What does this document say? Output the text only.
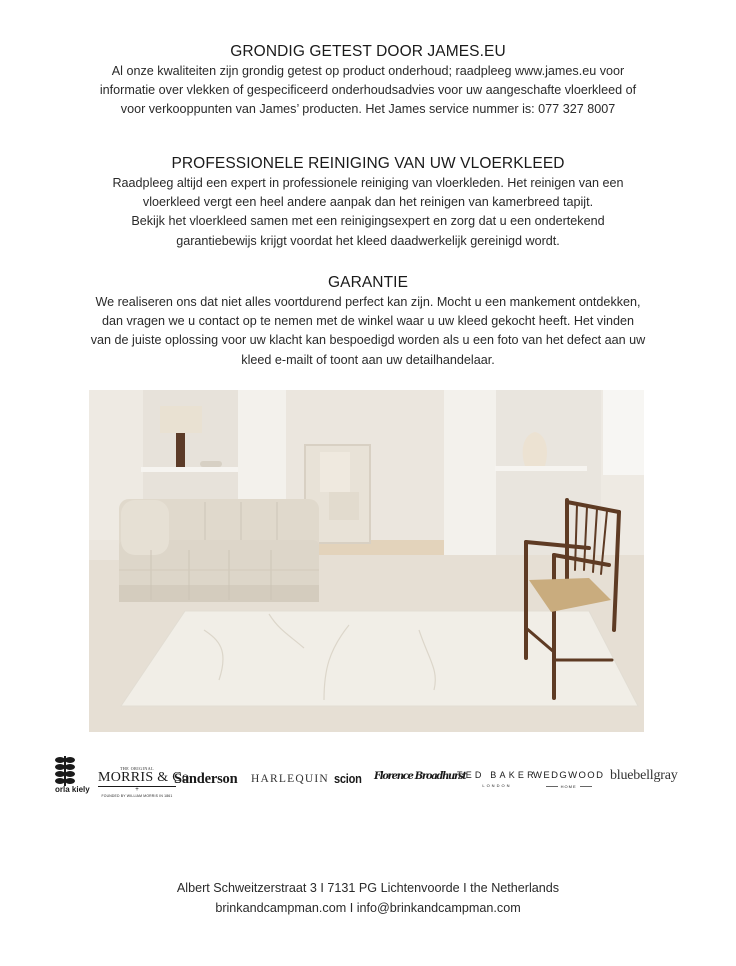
GRONDIG GETEST DOOR JAMES.EU

Al onze kwaliteiten zijn grondig getest op product onderhoud; raadpleeg www.james.eu voor

informatie over vlekken of gespecificeerd onderhoudsadvies voor uw aangeschafte vloerkleed of

voor verkooppunten van James’ producten. Het James service nummer is: 077 327 8007

PROFESSIONELE REINIGING VAN UW VLOERKLEED

Raadpleeg altijd een expert in professionele reiniging van vloerkleden. Het reinigen van een

vloerkleed vergt een heel andere aanpak dan het reinigen van kamerbreed tapijt.

Bekijk het vloerkleed samen met een reinigingsexpert en zorg dat u een ondertekend

garantiebewijs krijgt voordat het kleed daadwerkelijk gereinigd wordt.

GARANTIE

We realiseren ons dat niet alles voortdurend perfect kan zijn. Mocht u een mankement ontdekken,

dan vragen we u contact op te nemen met de winkel waar u uw kleed gekocht heeft. Het vinden

van de juiste oplossing voor uw klacht kan bespoedigd worden als u een foto van het defect aan uw

kleed e-mailt of toont aan uw detailhandelaar.

orla kiely
THE ORIGINAL
MORRIS & Co
+
FOUNDED BY WILLIAM MORRIS IN 1861
Sanderson HARLEQUIN scion Florence Broadhurst
TED BAKER
LONDON
WEDGWOOD
HOME
bluebellgray
Albert Schweitzerstraat 3 I 7131 PG Lichtenvoorde I the Netherlands
brinkandcampman.com I info@brinkandcampman.com
